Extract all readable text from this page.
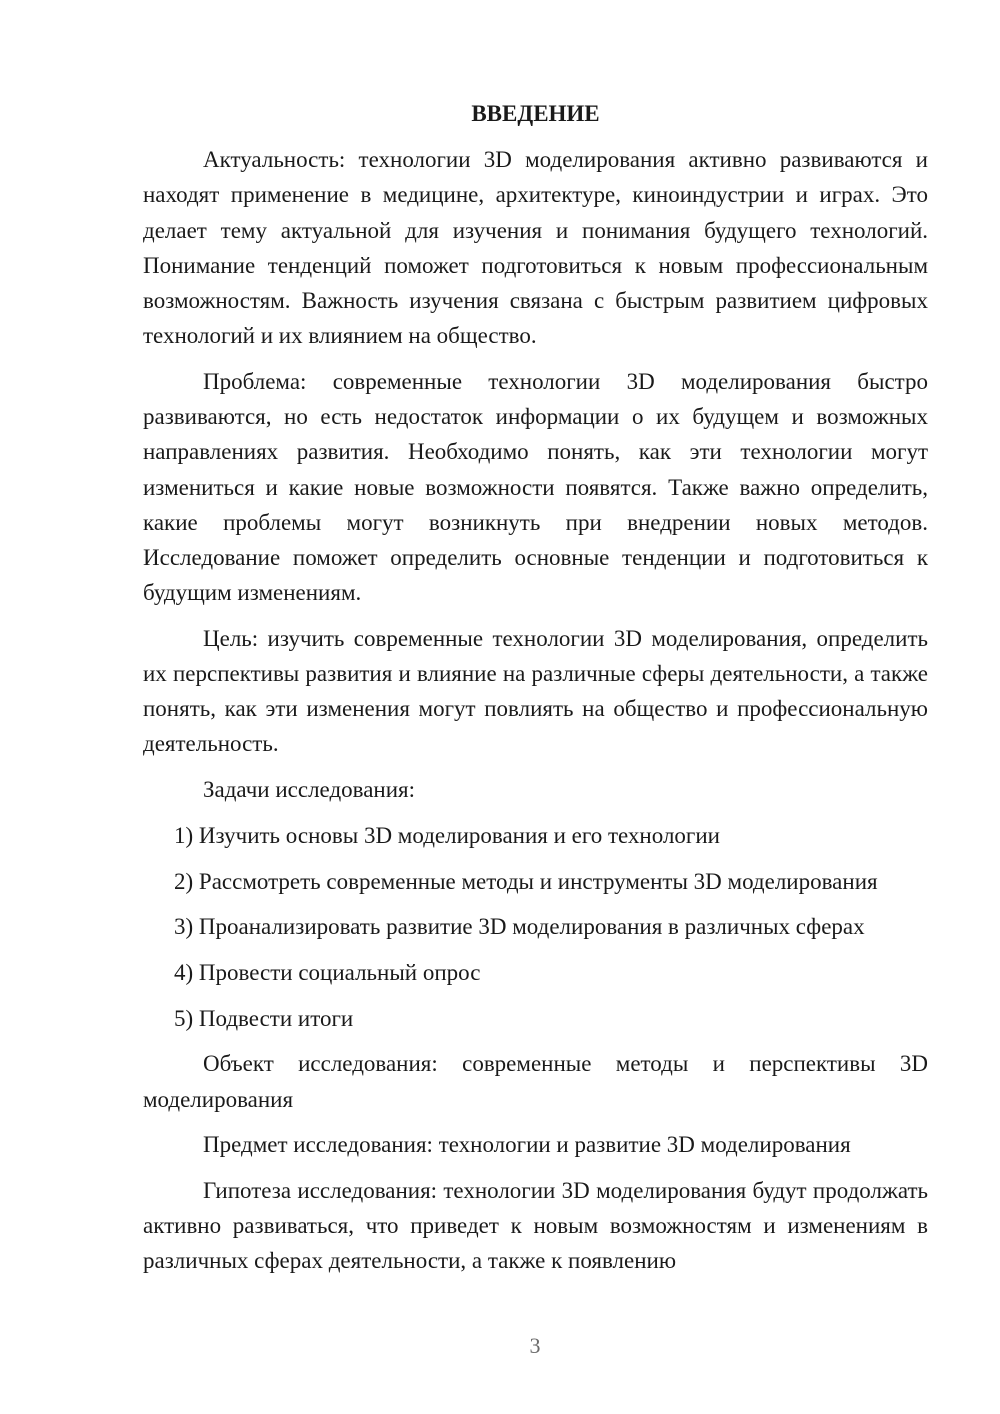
ВВЕДЕНИЕ

Актуальность: технологии 3D моделирования активно развиваются и находят применение в медицине, архитектуре, киноиндустрии и играх. Это делает тему актуальной для изучения и понимания будущего технологий. Понимание тенденций поможет подготовиться к новым профессиональным возможностям. Важность изучения связана с быстрым развитием цифровых технологий и их влиянием на общество.

Проблема: современные технологии 3D моделирования быстро развиваются, но есть недостаток информации о их будущем и возможных направлениях развития. Необходимо понять, как эти технологии могут измениться и какие новые возможности появятся. Также важно определить, какие проблемы могут возникнуть при внедрении новых методов. Исследование поможет определить основные тенденции и подготовиться к будущим изменениям.

Цель: изучить современные технологии 3D моделирования, определить их перспективы развития и влияние на различные сферы деятельности, а также понять, как эти изменения могут повлиять на общество и профессиональную деятельность.

Задачи исследования:

1) Изучить основы 3D моделирования и его технологии

2) Рассмотреть современные методы и инструменты 3D моделирования

3) Проанализировать развитие 3D моделирования в различных сферах

4) Провести социальный опрос

5) Подвести итоги

Объект исследования: современные методы и перспективы 3D моделирования

Предмет исследования: технологии и развитие 3D моделирования

Гипотеза исследования: технологии 3D моделирования будут продолжать активно развиваться, что приведет к новым возможностям и изменениям в различных сферах деятельности, а также к появлению

3
